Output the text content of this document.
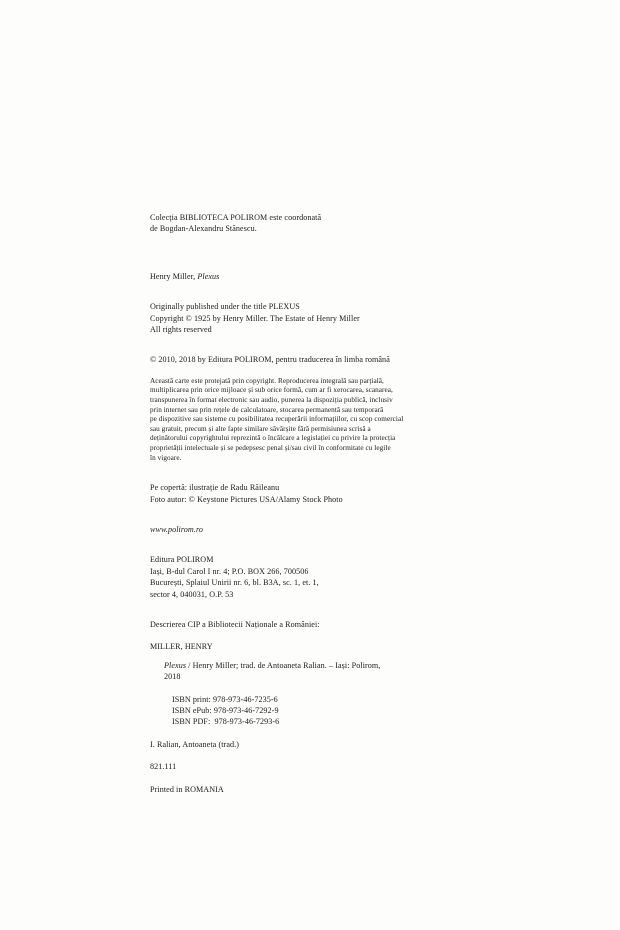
Colecția BIBLIOTECA POLIROM este coordonată
de Bogdan-Alexandru Stănescu.
Henry Miller, Plexus
Originally published under the title PLEXUS
Copyright © 1925 by Henry Miller. The Estate of Henry Miller
All rights reserved
© 2010, 2018 by Editura POLIROM, pentru traducerea în limba română
Această carte este protejată prin copyright. Reproducerea integrală sau parțială,
multiplicarea prin orice mijloace și sub orice formă, cum ar fi xerocarea, scanarea,
transpunerea în format electronic sau audio, punerea la dispoziția publică, inclusiv
prin internet sau prin rețele de calculatoare, stocarea permanentă sau temporară
pe dispozitive sau sisteme cu posibilitatea recuperării informațiilor, cu scop comercial
sau gratuit, precum și alte fapte similare săvârșite fără permisiunea scrisă a
deținătorului copyrightului reprezintă o încălcare a legislației cu privire la protecția
proprietății intelectuale și se pedepsesc penal și/sau civil în conformitate cu legile
în vigoare.
Pe copertă: ilustrație de Radu Răileanu
Foto autor: © Keystone Pictures USA/Alamy Stock Photo
www.polirom.ro
Editura POLIROM
Iași, B-dul Carol I nr. 4; P.O. BOX 266, 700506
București, Splaiul Unirii nr. 6, bl. B3A, sc. 1, et. 1,
sector 4, 040031, O.P. 53
Descrierea CIP a Bibliotecii Naționale a României:
MILLER, HENRY
Plexus / Henry Miller; trad. de Antoaneta Ralian. – Iași: Polirom,
2018
ISBN print: 978-973-46-7235-6
ISBN ePub: 978-973-46-7292-9
ISBN PDF:  978-973-46-7293-6
I. Ralian, Antoaneta (trad.)
821.111
Printed in ROMANIA
